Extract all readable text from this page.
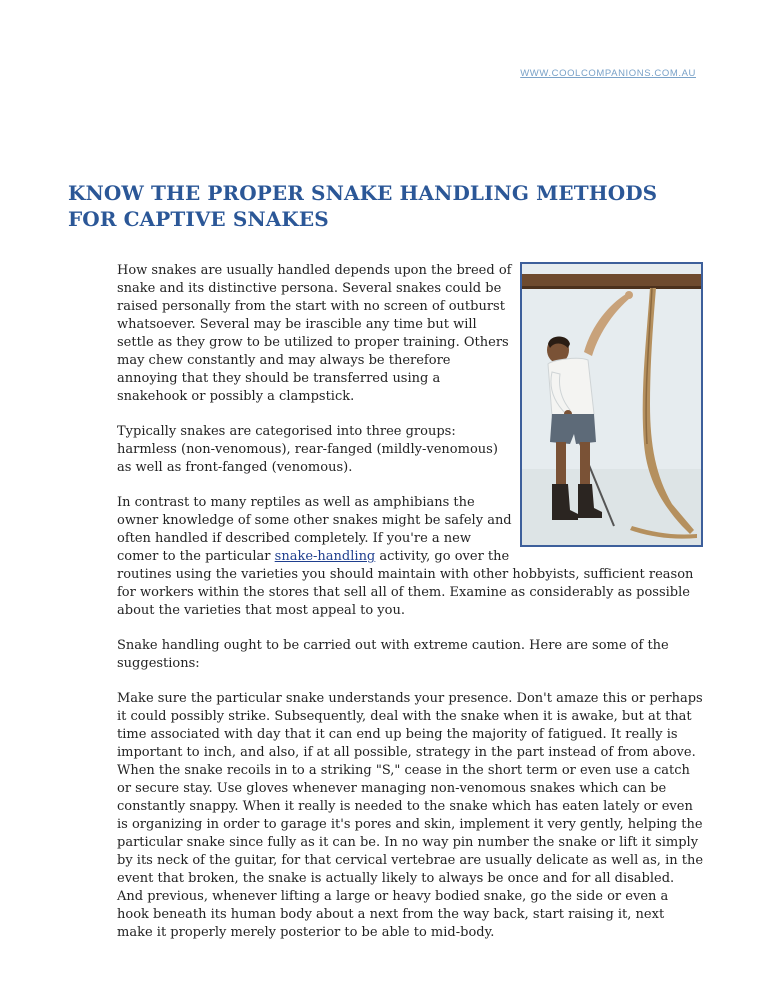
WWW.COOLCOMPANIONS.COM.AU
KNOW THE PROPER SNAKE HANDLING METHODS FOR CAPTIVE SNAKES

How snakes are usually handled depends upon the breed of snake and its distinctive persona. Several snakes could be raised personally from the start with no screen of outburst whatsoever. Several may be irascible any time but will settle as they grow to be utilized to proper training. Others may chew constantly and may always be therefore annoying that they should be transferred using a snakehook or possibly a clampstick.

Typically snakes are categorised into three groups: harmless (non-venomous), rear-fanged (mildly-venomous) as well as front-fanged (venomous).

In contrast to many reptiles as well as amphibians the owner knowledge of some other snakes might be safely and often handled if described completely. If you're a new comer to the particular snake-handling activity, go over the routines using the varieties you should maintain with other hobbyists, sufficient reason for workers within the stores that sell all of them. Examine as considerably as possible about the varieties that most appeal to you.

Snake handling ought to be carried out with extreme caution. Here are some of the suggestions:

Make sure the particular snake understands your presence. Don't amaze this or perhaps it could possibly strike. Subsequently, deal with the snake when it is awake, but at that time associated with day that it can end up being the majority of fatigued. It really is important to inch, and also, if at all possible, strategy in the part instead of from above. When the snake recoils in to a striking "S," cease in the short term or even use a catch or secure stay. Use gloves whenever managing non-venomous snakes which can be constantly snappy. When it really is needed to the snake which has eaten lately or even is organizing in order to garage it's pores and skin, implement it very gently, helping the particular snake since fully as it can be. In no way pin number the snake or lift it simply by its neck of the guitar, for that cervical vertebrae are usually delicate as well as, in the event that broken, the snake is actually likely to always be once and for all disabled. And previous, whenever lifting a large or heavy bodied snake, go the side or even a hook beneath its human body about a next from the way back, start raising it, next make it properly merely posterior to be able to mid-body.
